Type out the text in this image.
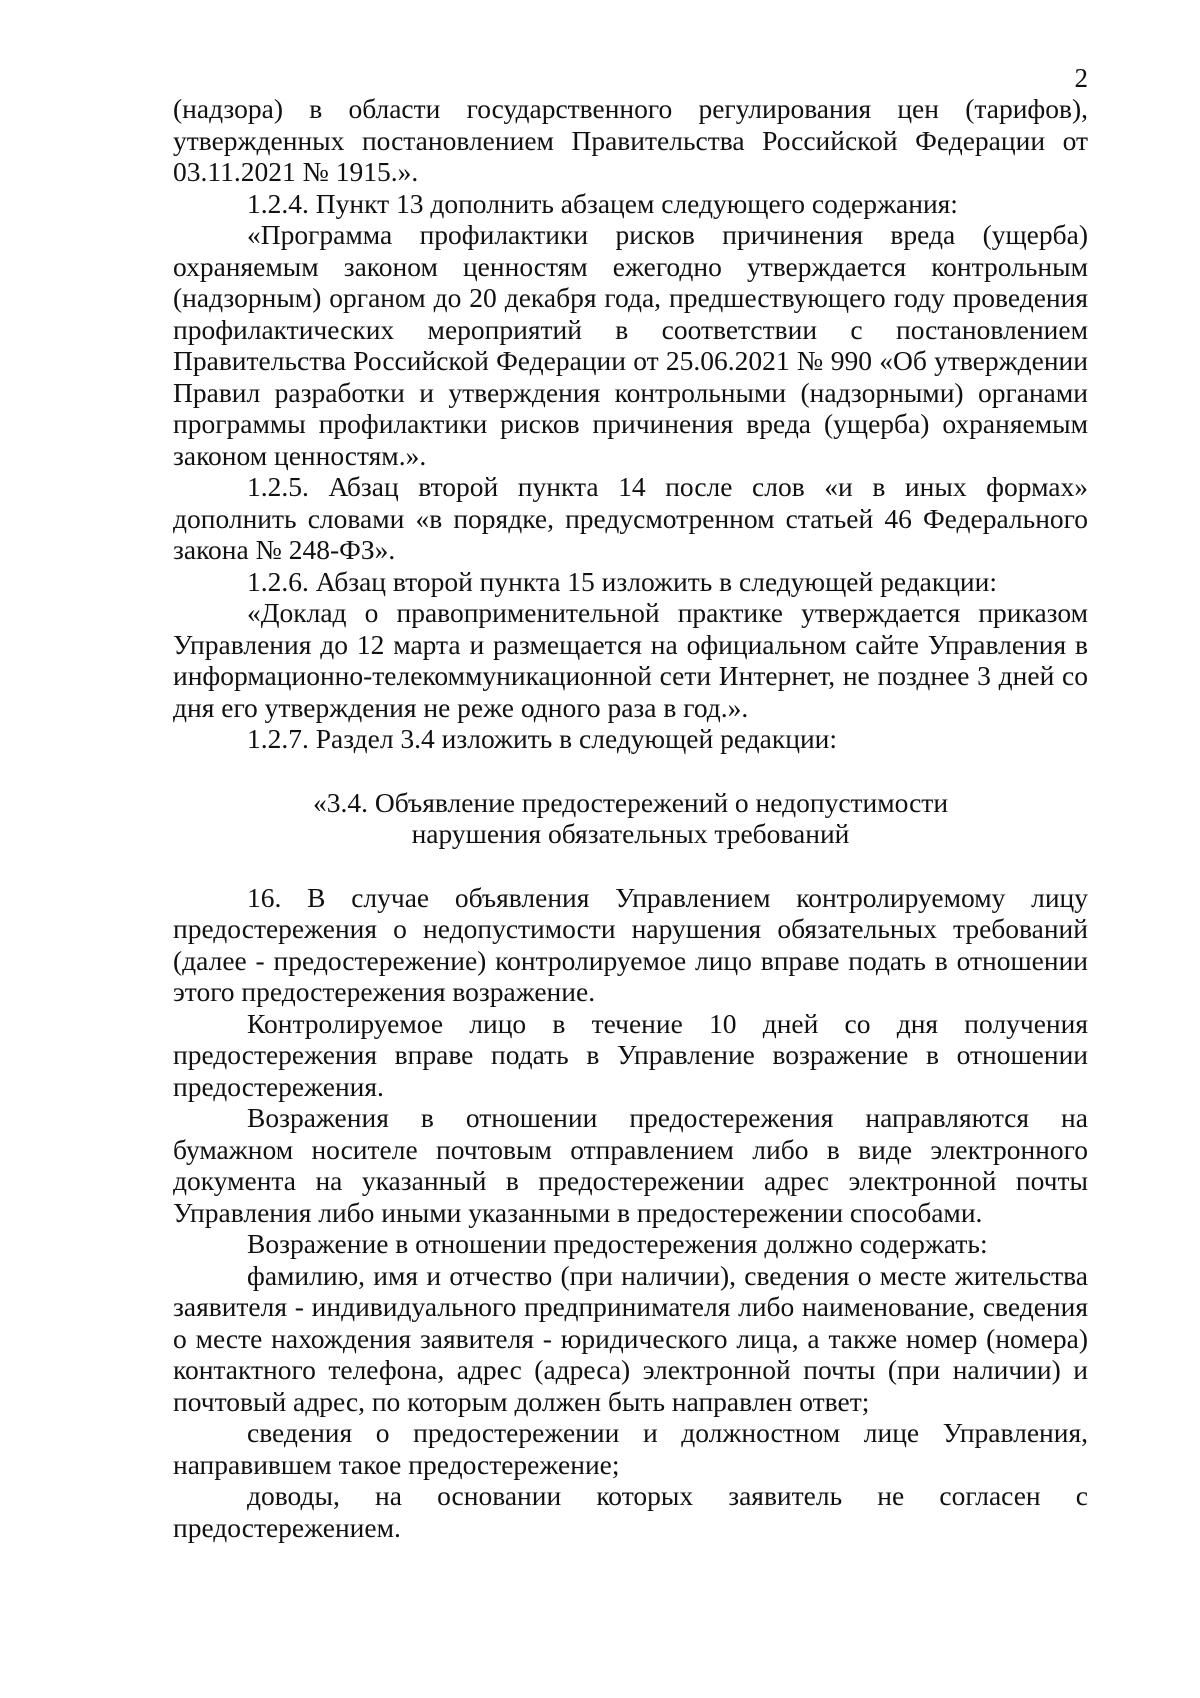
2

(надзора) в области государственного регулирования цен (тарифов), утвержденных постановлением Правительства Российской Федерации от 03.11.2021 № 1915.».

1.2.4. Пункт 13 дополнить абзацем следующего содержания:

«Программа профилактики рисков причинения вреда (ущерба) охраняемым законом ценностям ежегодно утверждается контрольным (надзорным) органом до 20 декабря года, предшествующего году проведения профилактических мероприятий в соответствии с постановлением Правительства Российской Федерации от 25.06.2021 № 990 «Об утверждении Правил разработки и утверждения контрольными (надзорными) органами программы профилактики рисков причинения вреда (ущерба) охраняемым законом ценностям.».

1.2.5. Абзац второй пункта 14 после слов «и в иных формах» дополнить словами «в порядке, предусмотренном статьей 46 Федерального закона № 248-ФЗ».

1.2.6. Абзац второй пункта 15 изложить в следующей редакции:

«Доклад о правоприменительной практике утверждается приказом Управления до 12 марта и размещается на официальном сайте Управления в информационно-телекоммуникационной сети Интернет, не позднее 3 дней со дня его утверждения не реже одного раза в год.».

1.2.7. Раздел 3.4 изложить в следующей редакции:

«3.4. Объявление предостережений о недопустимости

нарушения обязательных требований

16. В случае объявления Управлением контролируемому лицу предостережения о недопустимости нарушения обязательных требований (далее - предостережение) контролируемое лицо вправе подать в отношении этого предостережения возражение.

Контролируемое лицо в течение 10 дней со дня получения предостережения вправе подать в Управление возражение в отношении предостережения.

Возражения в отношении предостережения направляются на бумажном носителе почтовым отправлением либо в виде электронного документа на указанный в предостережении адрес электронной почты Управления либо иными указанными в предостережении способами.

Возражение в отношении предостережения должно содержать:

фамилию, имя и отчество (при наличии), сведения о месте жительства заявителя - индивидуального предпринимателя либо наименование, сведения о месте нахождения заявителя - юридического лица, а также номер (номера) контактного телефона, адрес (адреса) электронной почты (при наличии) и почтовый адрес, по которым должен быть направлен ответ;

сведения о предостережении и должностном лице Управления, направившем такое предостережение;

доводы, на основании которых заявитель не согласен с предостережением.
